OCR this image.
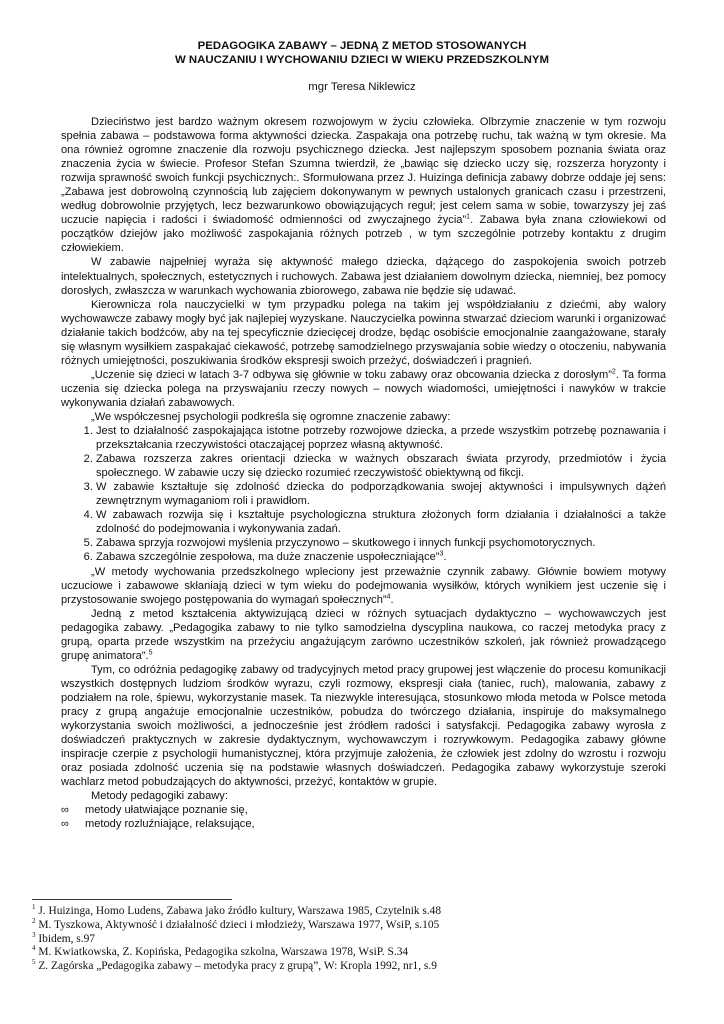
PEDAGOGIKA ZABAWY – JEDNĄ Z METOD STOSOWANYCH
W NAUCZANIU I WYCHOWANIU DZIECI W WIEKU PRZEDSZKOLNYM
mgr Teresa Niklewicz

Dzieciństwo jest bardzo ważnym okresem rozwojowym w życiu człowieka. Olbrzymie znaczenie w tym rozwoju spełnia zabawa – podstawowa forma aktywności dziecka. Zaspakaja ona potrzebę ruchu, tak ważną w tym okresie. Ma ona również ogromne znaczenie dla rozwoju psychicznego dziecka. Jest najlepszym sposobem poznania świata oraz znaczenia życia w świecie. Profesor Stefan Szumna twierdził, że „bawiąc się dziecko uczy się, rozszerza horyzonty i rozwija sprawność swoich funkcji psychicznych:. Sformułowana przez J. Huizinga definicja zabawy dobrze oddaje jej sens: „Zabawa jest dobrowolną czynnością lub zajęciem dokonywanym w pewnych ustalonych granicach czasu i przestrzeni, według dobrowolnie przyjętych, lecz bezwarunkowo obowiązujących reguł; jest celem sama w sobie, towarzyszy jej zaś uczucie napięcia i radości i świadomość odmienności od zwyczajnego życia”$^1$. Zabawa była znana człowiekowi od początków dziejów jako możliwość zaspokajania różnych potrzeb , w tym szczególnie potrzeby kontaktu z drugim człowiekiem.

W zabawie najpełniej wyraża się aktywność małego dziecka, dążącego do zaspokojenia swoich potrzeb intelektualnych, społecznych, estetycznych i ruchowych. Zabawa jest działaniem dowolnym dziecka, niemniej, bez pomocy dorosłych, zwłaszcza w warunkach wychowania zbiorowego, zabawa nie będzie się udawać.

Kierownicza rola nauczycielki w tym przypadku polega na takim jej współdziałaniu z dziećmi, aby walory wychowawcze zabawy mogły być jak najlepiej wyzyskane. Nauczycielka powinna stwarzać dzieciom warunki i organizować działanie takich bodźców, aby na tej specyficznie dziecięcej drodze, będąc osobiście emocjonalnie zaangażowane, starały się własnym wysiłkiem zaspakajać ciekawość, potrzebę samodzielnego przyswajania sobie wiedzy o otoczeniu, nabywania różnych umiejętności, poszukiwania środków ekspresji swoich przeżyć, doświadczeń i pragnień.

„Uczenie się dzieci w latach 3-7 odbywa się głównie w toku zabawy oraz obcowania dziecka z dorosłym”$^2$. Ta forma uczenia się dziecka polega na przyswajaniu rzeczy nowych – nowych wiadomości, umiejętności i nawyków w trakcie wykonywania działań zabawowych.

„We współczesnej psychologii podkreśla się ogromne znaczenie zabawy:

1. Jest to działalność zaspokajająca istotne potrzeby rozwojowe dziecka, a przede wszystkim potrzebę poznawania i przekształcania rzeczywistości otaczającej poprzez własną aktywność.
2. Zabawa rozszerza zakres orientacji dziecka w ważnych obszarach świata przyrody, przedmiotów i życia społecznego. W zabawie uczy się dziecko rozumieć rzeczywistość obiektywną od fikcji.
3. W zabawie kształtuje się zdolność dziecka do podporządkowania swojej aktywności i impulsywnych dążeń zewnętrznym wymaganiom roli i prawidłom.
4. W zabawach rozwija się i kształtuje psychologiczna struktura złożonych form działania i działalności a także zdolność do podejmowania i wykonywania zadań.
5. Zabawa sprzyja rozwojowi myślenia przyczynowo – skutkowego i innych funkcji psychomotorycznych.
6. Zabawa szczególnie zespołowa, ma duże znaczenie uspołeczniające”$^3$.

„W metody wychowania przedszkolnego wpleciony jest przeważnie czynnik zabawy. Głównie bowiem motywy uczuciowe i zabawowe skłaniają dzieci w tym wieku do podejmowania wysiłków, których wynikiem jest uczenie się i przystosowanie swojego postępowania do wymagań społecznych”$^4$.

Jedną z metod kształcenia aktywizującą dzieci w różnych sytuacjach dydaktyczno – wychowawczych jest pedagogika zabawy. „Pedagogika zabawy to nie tylko samodzielna dyscyplina naukowa, co raczej metodyka pracy z grupą, oparta przede wszystkim na przeżyciu angażującym zarówno uczestników szkoleń, jak również prowadzącego grupę animatora”.$^5$

Tym, co odróżnia pedagogikę zabawy od tradycyjnych metod pracy grupowej jest włączenie do procesu komunikacji wszystkich dostępnych ludziom środków wyrazu, czyli rozmowy, ekspresji ciała (taniec, ruch), malowania, zabawy z podziałem na role, śpiewu, wykorzystanie masek. Ta niezwykle interesująca, stosunkowo młoda metoda w Polsce metoda pracy z grupą angażuje emocjonalnie uczestników, pobudza do twórczego działania, inspiruje do maksymalnego wykorzystania swoich możliwości, a jednocześnie jest źródłem radości i satysfakcji. Pedagogika zabawy wyrosła z doświadczeń praktycznych w zakresie dydaktycznym, wychowawczym i rozrywkowym. Pedagogika zabawy główne inspiracje czerpie z psychologii humanistycznej, która przyjmuje założenia, że człowiek jest zdolny do wzrostu i rozwoju oraz posiada zdolność uczenia się na podstawie własnych doświadczeń. Pedagogika zabawy wykorzystuje szeroki wachlarz metod pobudzających do aktywności, przeżyć, kontaktów w grupie.

Metody pedagogiki zabawy:

∞ metody ułatwiające poznanie się,
∞ metody rozluźniające, relaksujące,
$^1$ J. Huizinga, Homo Ludens, Zabawa jako źródło kultury, Warszawa 1985, Czytelnik s.48
$^2$ M. Tyszkowa, Aktywność i działalność dzieci i młodzieży, Warszawa 1977, WsiP, s.105
$^3$ Ibidem, s.97
$^4$ M. Kwiatkowska, Z. Kopińska, Pedagogika szkolna, Warszawa 1978, WsiP. S.34
$^5$ Z. Zagórska „Pedagogika zabawy – metodyka pracy z grupą”, W: Kropla 1992, nr1, s.9
